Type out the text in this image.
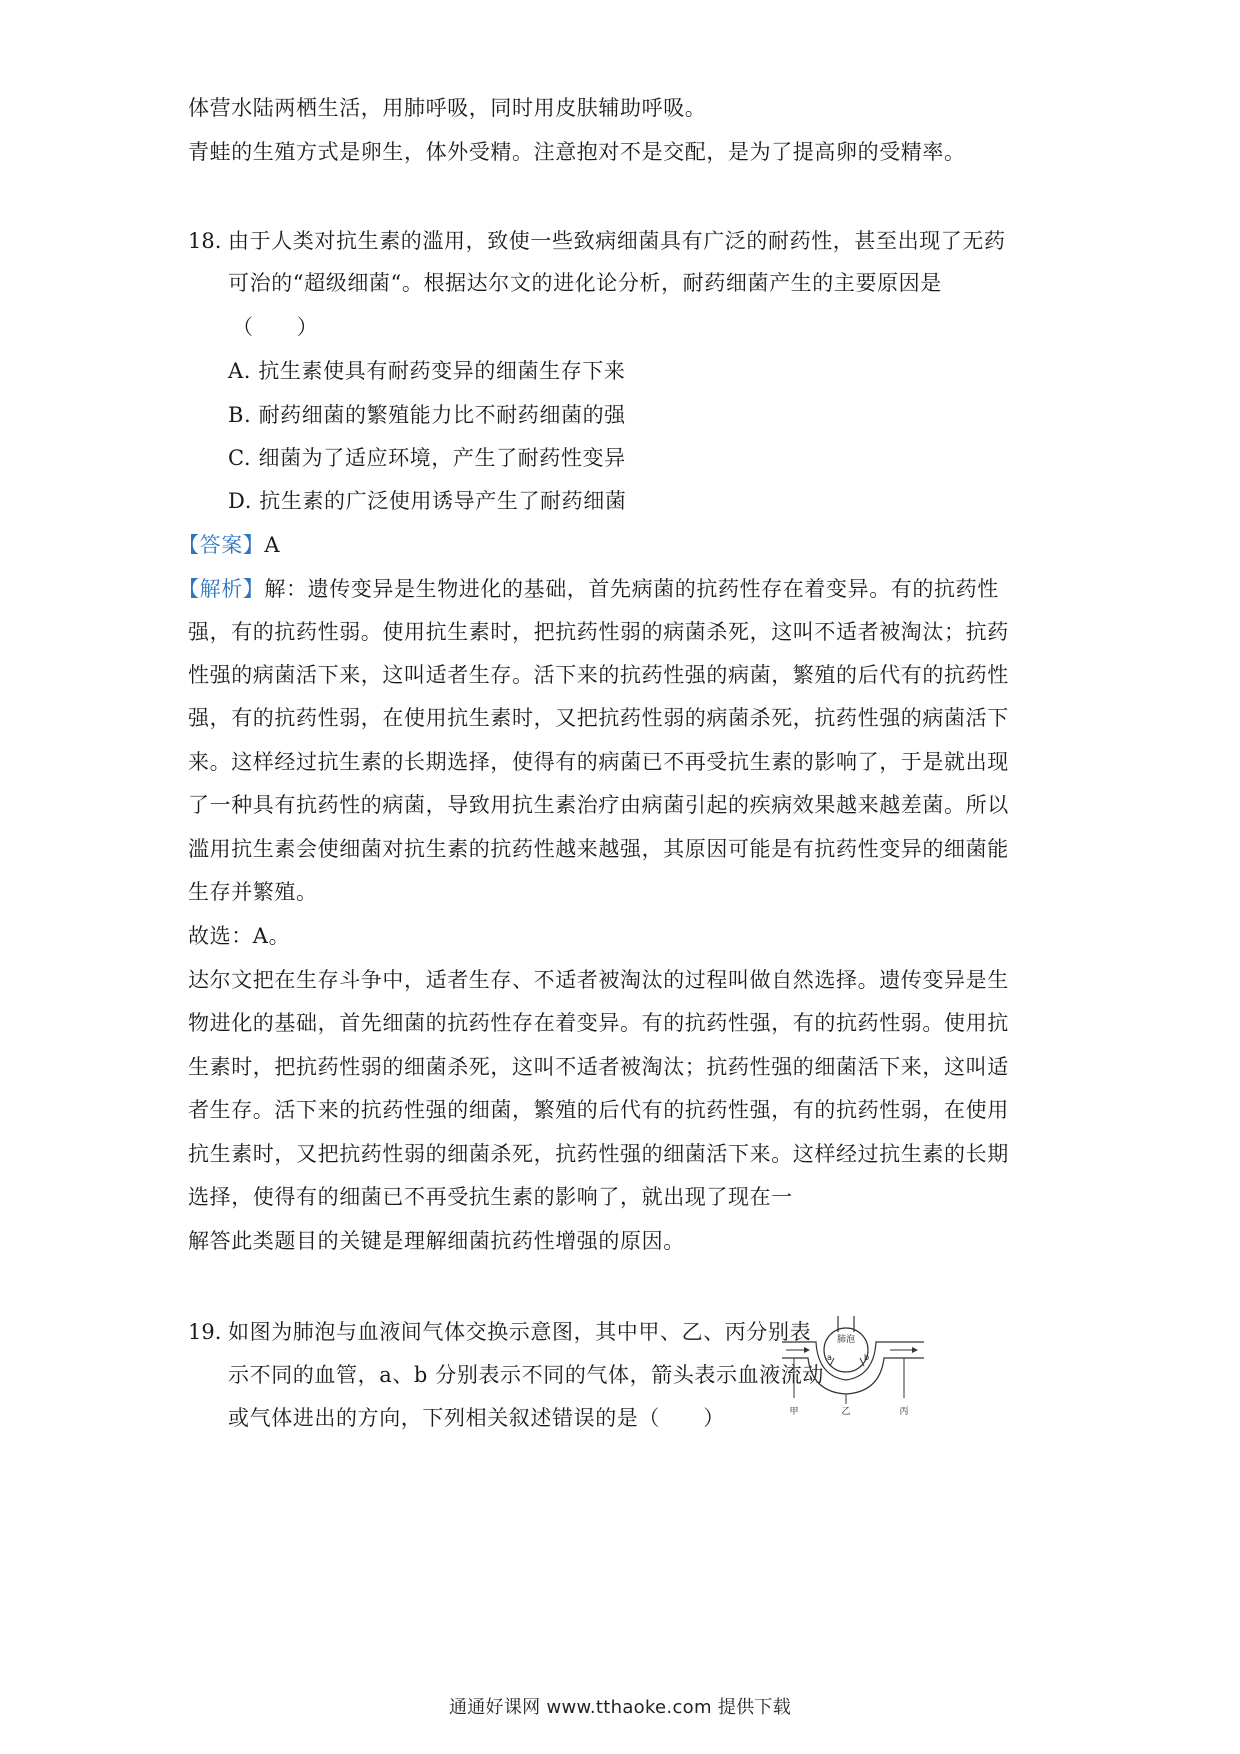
体营水陆两栖生活，用肺呼吸，同时用皮肤辅助呼吸。
青蛙的生殖方式是卵生，体外受精。注意抱对不是交配，是为了提高卵的受精率。
18. 由于人类对抗生素的滥用，致使一些致病细菌具有广泛的耐药性，甚至出现了无药
可治的“超级细菌“。根据达尔文的进化论分析，耐药细菌产生的主要原因是
（　　）
A. 抗生素使具有耐药变异的细菌生存下来
B. 耐药细菌的繁殖能力比不耐药细菌的强
C. 细菌为了适应环境，产生了耐药性变异
D. 抗生素的广泛使用诱导产生了耐药细菌
【答案】A
【解析】解：遗传变异是生物进化的基础，首先病菌的抗药性存在着变异。有的抗药性
强，有的抗药性弱。使用抗生素时，把抗药性弱的病菌杀死，这叫不适者被淘汰；抗药
性强的病菌活下来，这叫适者生存。活下来的抗药性强的病菌，繁殖的后代有的抗药性
强，有的抗药性弱，在使用抗生素时，又把抗药性弱的病菌杀死，抗药性强的病菌活下
来。这样经过抗生素的长期选择，使得有的病菌已不再受抗生素的影响了，于是就出现
了一种具有抗药性的病菌，导致用抗生素治疗由病菌引起的疾病效果越来越差菌。所以
滥用抗生素会使细菌对抗生素的抗药性越来越强，其原因可能是有抗药性变异的细菌能
生存并繁殖。
故选：A。
达尔文把在生存斗争中，适者生存、不适者被淘汰的过程叫做自然选择。遗传变异是生
物进化的基础，首先细菌的抗药性存在着变异。有的抗药性强，有的抗药性弱。使用抗
生素时，把抗药性弱的细菌杀死，这叫不适者被淘汰；抗药性强的细菌活下来，这叫适
者生存。活下来的抗药性强的细菌，繁殖的后代有的抗药性强，有的抗药性弱，在使用
抗生素时，又把抗药性弱的细菌杀死，抗药性强的细菌活下来。这样经过抗生素的长期
选择，使得有的细菌已不再受抗生素的影响了，就出现了现在一
解答此类题目的关键是理解细菌抗药性增强的原因。
19. 如图为肺泡与血液间气体交换示意图，其中甲、乙、丙分别表
示不同的血管，a、b 分别表示不同的气体，箭头表示血液流动
或气体进出的方向，下列相关叙述错误的是（　　）
肺泡
a	b
甲	乙	丙
通通好课网 www.tthaoke.com 提供下载
